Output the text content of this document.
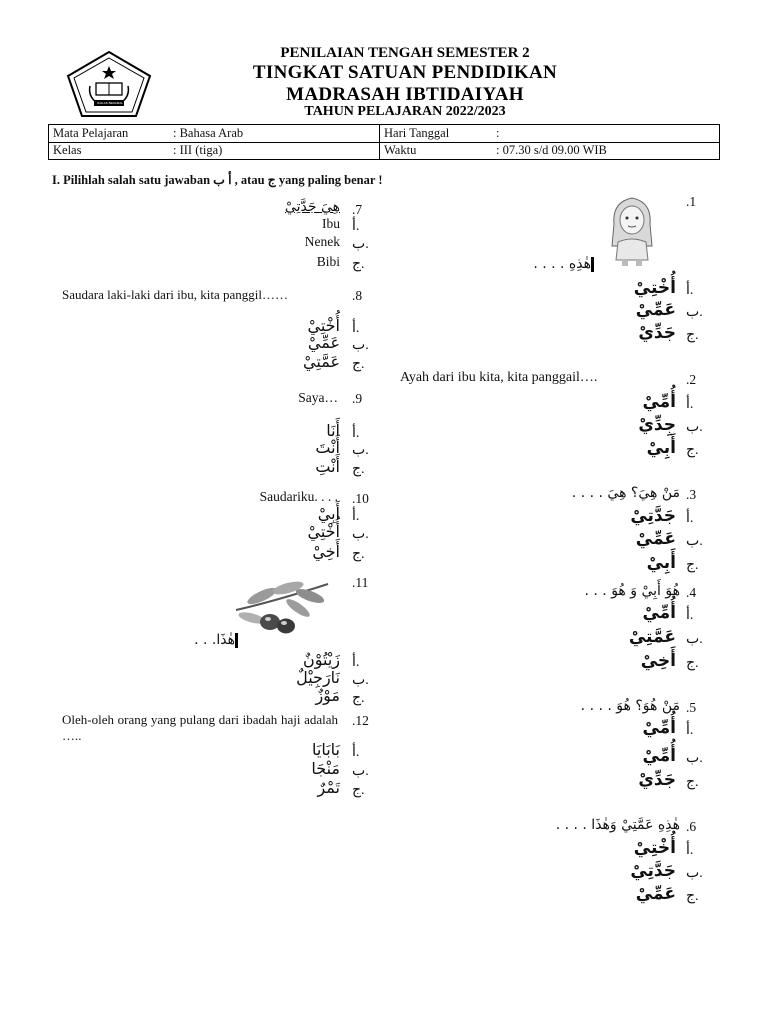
IKHLAS BERAMAL
PENILAIAN TENGAH SEMESTER 2
TINGKAT SATUAN PENDIDIKAN
MADRASAH IBTIDAIYAH
TAHUN PELAJARAN 2022/2023
Mata Pelajaran	: Bahasa Arab
Kelas	: III (tiga)
Hari Tanggal	:
Waktu	: 07.30 s/d 09.00 WIB
I. Pilihlah salah satu jawaban أ ب , atau ج yang paling benar !
.1
هٰذِهِ . . . .
أ.
أُخْتِيْ
ب.
عَمِّيْ
ج.
جَدِّيْ
.2
Ayah dari ibu kita, kita panggail….
أ.
أُمِّيْ
ب.
جِدِّيْ
ج.
أَبِيْ
.3
مَنْ هِيَ؟ هِيَ . . . .
أ.
جَدَّتِيْ
ب.
عَمِّيْ
ج.
أَبِيْ
.4
هُوَ أَبِيْ وَ هُوَ . . .
أ.
أُمِّيْ
ب.
عَمَّتِيْ
ج.
أَخِيْ
.5
مَنْ هُوَ؟ هُوَ . . . .
أ.
أُمِّيْ
ب.
أُمِّيْ
ج.
جَدِّيْ
.6
هٰذِهِ عَمَّتِيْ وَهٰذَا . . . .
أ.
أُخْتِيْ
ب.
جَدَّتِيْ
ج.
عَمِّيْ
.7
هِيَ جَدَّتِيْ
أ.
Ibu
ب.
Nenek
ج.
Bibi
.8
Saudara laki-laki dari ibu, kita panggil……
أ.
أُخْتِيْ
ب.
عَمِّيْ
ج.
عَمَّتِيْ
.9
Saya…
أ.
أَنَا
ب.
أَنْتَ
ج.
أَنْتِ
.10
Saudariku. . . .
أ.
أَبِيْ
ب.
أُخْتِيْ
ج.
أَخِيْ
.11
هٰذَا. . .
أ.
زَيْتُوْنٌ
ب.
نَارَجِيْلٌ
ج.
مَوْزٌ
.12
Oleh-oleh orang yang pulang dari ibadah haji adalah …..
أ.
بَابَايَا
ب.
مَنْجَا
ج.
تَمْرٌ
